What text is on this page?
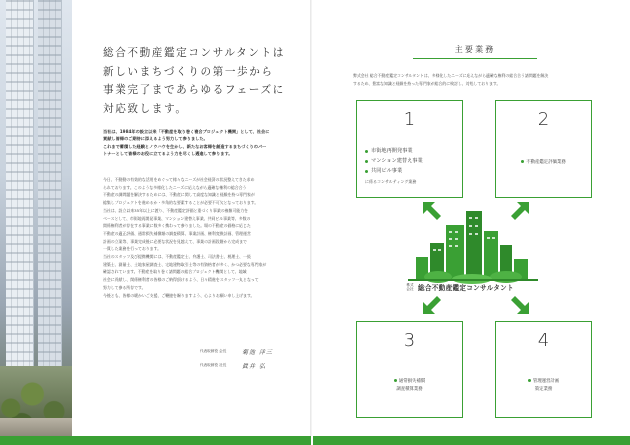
総合不動産鑑定コンサルタントは
新しいまちづくりの第一歩から
事業完了まであらゆるフェーズに
対応致します。

当社は、1984年の設立以来「不動産を取り巻く複合プロジェクト機関」として、社会に

貢献し皆様のご期待に添えるよう努力して参りました。

これまで蓄積した経験とノウハウを生かし、新たなお客様を創造するまちづくりのパー

トナーとして皆様のお役に立てるよう力を尽くし邁進して参ります。

今日、不動動の有効的な活用をめぐって様々なニーズが社会経済の状況整えてきた求め

られております。このような多様化したニーズに応えながら適確な権利の総合合う

不動産の調問題を解決するためには、不動産に関して高度な知識と経験を持つ専門家が

総集しプロジェクトを進めるか・多角的な要素することが必要不可欠となっております。

当社は、設立以来35年以上に渡り、不動産鑑定評価と重づくり事業の複雑可能力を

ベースとして、市街地再開発事業、マンション建替え事業、共同ビル事業等、多数の

関係権利者が存在する事業に数多く携わって参りました。場の不動産の価格に応じた

不動産の適正評価、通常損失補償額の調査積算、事業計画、権利変換計画、管理運営

計画の立案等、事業完成後に必要な状況を見越えて、事業の計画段階から完成まで

一貫した業務を行っております。

当社のスタッフ及び提携機関には、不動産鑑定士、弁護士、司法書士、税理士、一級

建築士、測量士、土地家屋調査士、宅地建物取引士等の有資格者が多く、かつ必要な専門家が

確認されています。不動産を取り巻く諸問題の総合プロジェクト機関として、地域

社会に貢献し、関係権利者の皆様のご納得頂けるよう、日々精進をスタッフ一丸となって

努力して参る所存です。

今後とも、皆様の暖かいご支援、ご鞭撻を賜りますよう、心よりお願い申し上げます。

代表取締役 会長	菊池 洋三
代表取締役 社長	眞井 弘
主要業務
弊式会社 総合不動産鑑定コンサルタントは、多様化したニーズに応えながら適確な権利の総合合う諸問題を解決
するため、豊富な知識と経験を持った専門家が総合的に検討し、対処しております。
1
市街地再開発事業
マンション建替え事業
共同ビル事業
に係るコンサルティング業務
2
不動産鑑定評価業務
3
通常損失補償
調査積算業務
4
管理運営計画
策定業務
株式会社 総合不動産鑑定コンサルタント
